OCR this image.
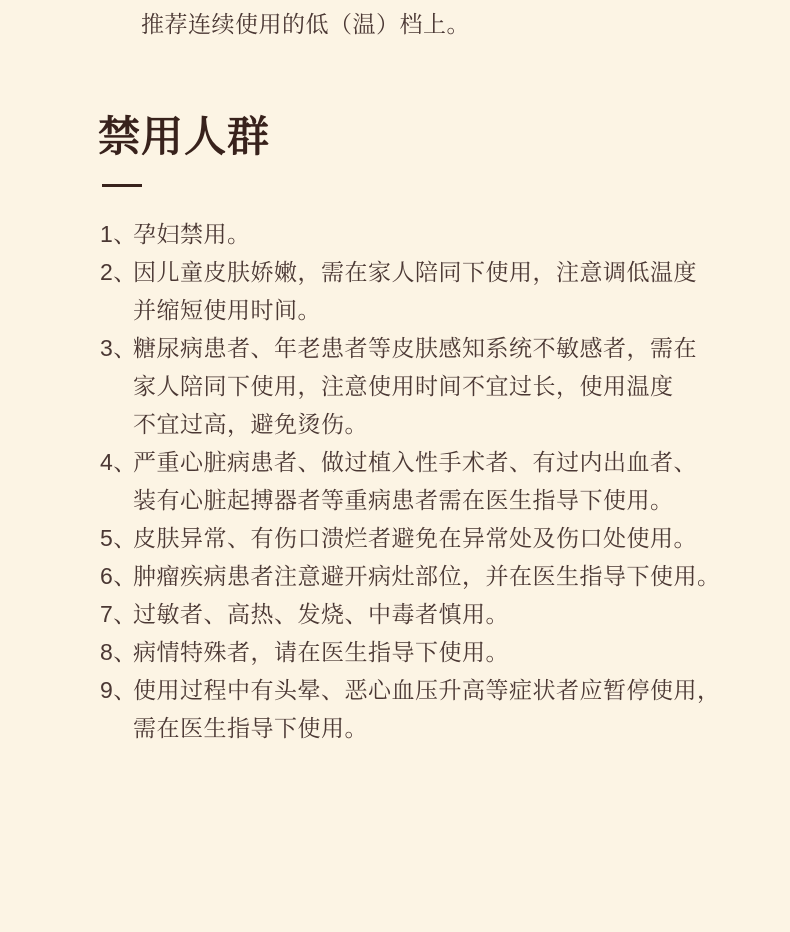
推荐连续使用的低（温）档上。
禁用人群
1、
孕妇禁用。
2、
因儿童皮肤娇嫩，需在家人陪同下使用，注意调低温度
并缩短使用时间。
3、
糖尿病患者、年老患者等皮肤感知系统不敏感者，需在
家人陪同下使用，注意使用时间不宜过长，使用温度
不宜过高，避免烫伤。
4、
严重心脏病患者、做过植入性手术者、有过内出血者、
装有心脏起搏器者等重病患者需在医生指导下使用。
5、
皮肤异常、有伤口溃烂者避免在异常处及伤口处使用。
6、
肿瘤疾病患者注意避开病灶部位，并在医生指导下使用。
7、
过敏者、高热、发烧、中毒者慎用。
8、
病情特殊者，请在医生指导下使用。
9、
使用过程中有头晕、恶心血压升高等症状者应暂停使用，
需在医生指导下使用。
